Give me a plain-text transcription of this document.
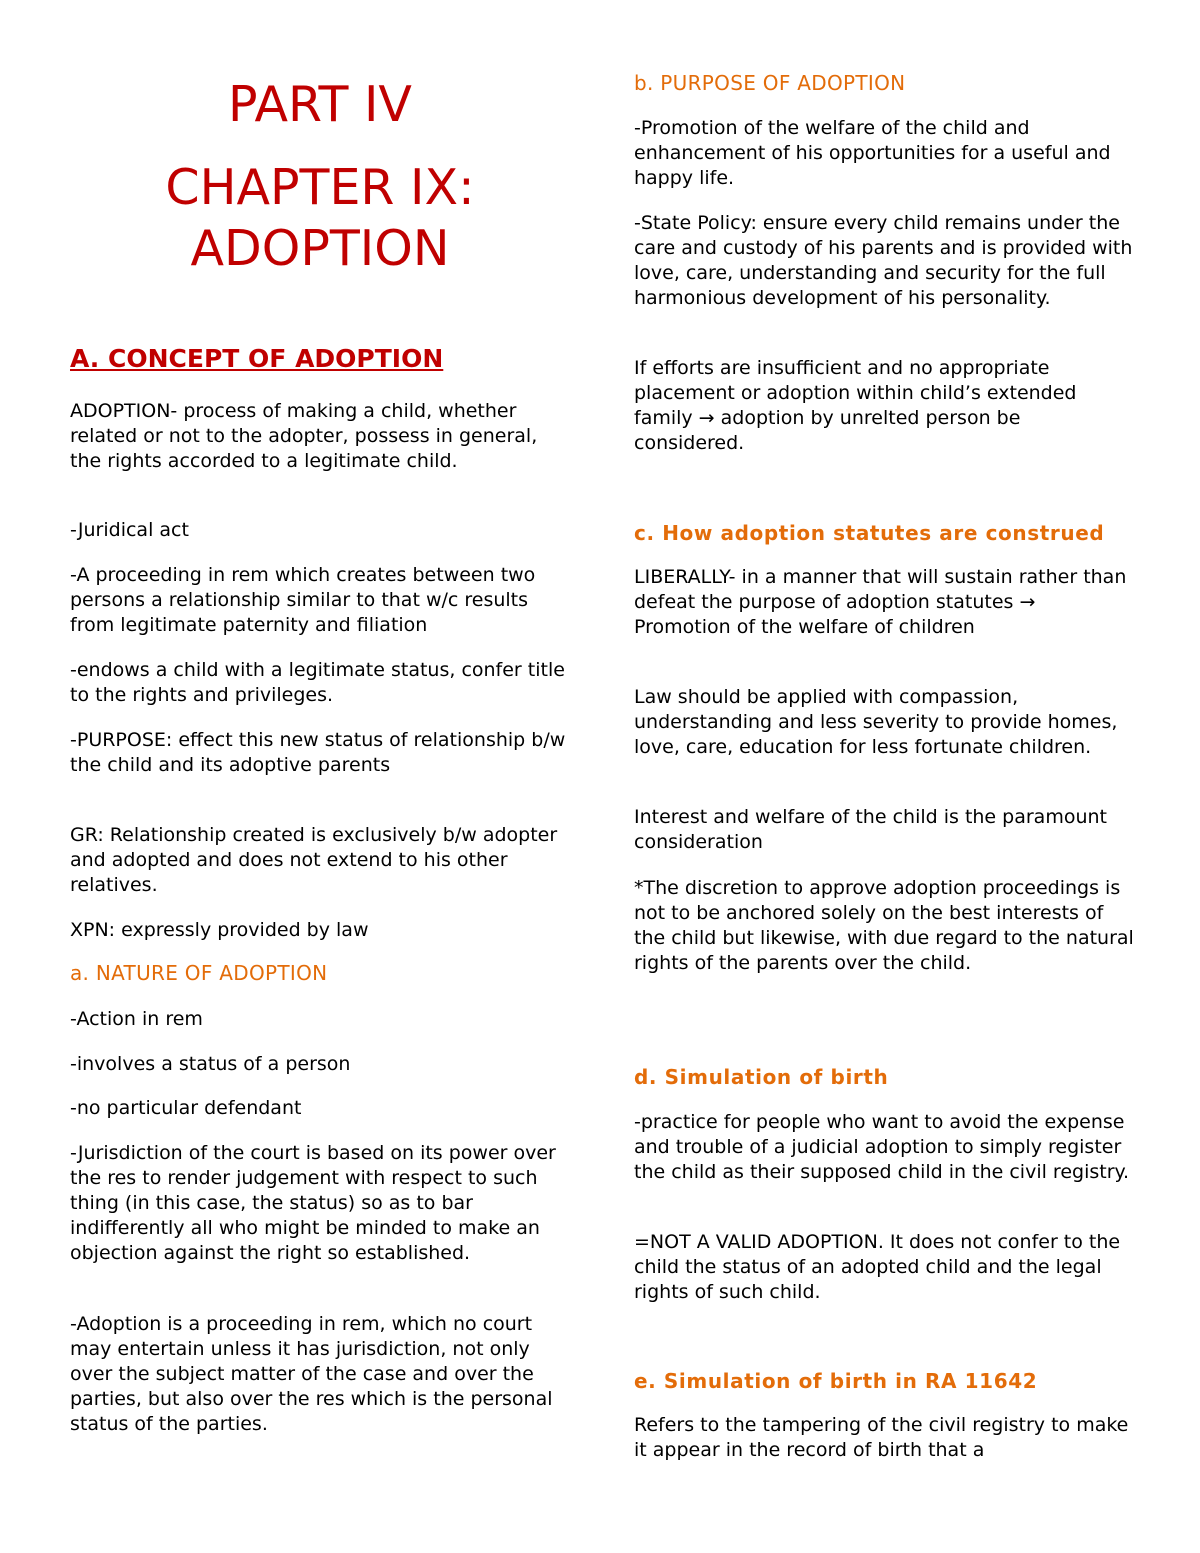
PART IV
CHAPTER IX:
ADOPTION
A. CONCEPT OF ADOPTION

ADOPTION- process of making a child, whether related or not to the adopter, possess in general, the rights accorded to a legitimate child.

-Juridical act

-A proceeding in rem which creates between two persons a relationship similar to that w/c results from legitimate paternity and filiation

-endows a child with a legitimate status, confer title to the rights and privileges.

-PURPOSE: effect this new status of relationship b/w the child and its adoptive parents

GR: Relationship created is exclusively b/w adopter and adopted and does not extend to his other relatives.

XPN: expressly provided by law

a. NATURE OF ADOPTION

-Action in rem

-involves a status of a person

-no particular defendant

-Jurisdiction of the court is based on its power over the res to render judgement with respect to such thing (in this case, the status) so as to bar indifferently all who might be minded to make an objection against the right so established.

-Adoption is a proceeding in rem, which no court may entertain unless it has jurisdiction, not only over the subject matter of the case and over the parties, but also over the res which is the personal status of the parties.

b. PURPOSE OF ADOPTION

-Promotion of the welfare of the child and enhancement of his opportunities for a useful and happy life.

-State Policy: ensure every child remains under the care and custody of his parents and is provided with love, care, understanding and security for the full harmonious development of his personality.

If efforts are insufficient and no appropriate placement or adoption within child’s extended family → adoption by unrelted person be considered.

c. How adoption statutes are construed

LIBERALLY- in a manner that will sustain rather than defeat the purpose of adoption statutes → Promotion of the welfare of children

Law should be applied with compassion, understanding and less severity to provide homes, love, care, education for less fortunate children.

Interest and welfare of the child is the paramount consideration

*The discretion to approve adoption proceedings is not to be anchored solely on the best interests of the child but likewise, with due regard to the natural rights of the parents over the child.

d. Simulation of birth

-practice for people who want to avoid the expense and trouble of a judicial adoption to simply register the child as their supposed child in the civil registry.

=NOT A VALID ADOPTION. It does not confer to the child the status of an adopted child and the legal rights of such child.

e. Simulation of birth in RA 11642

Refers to the tampering of the civil registry to make it appear in the record of birth that a
